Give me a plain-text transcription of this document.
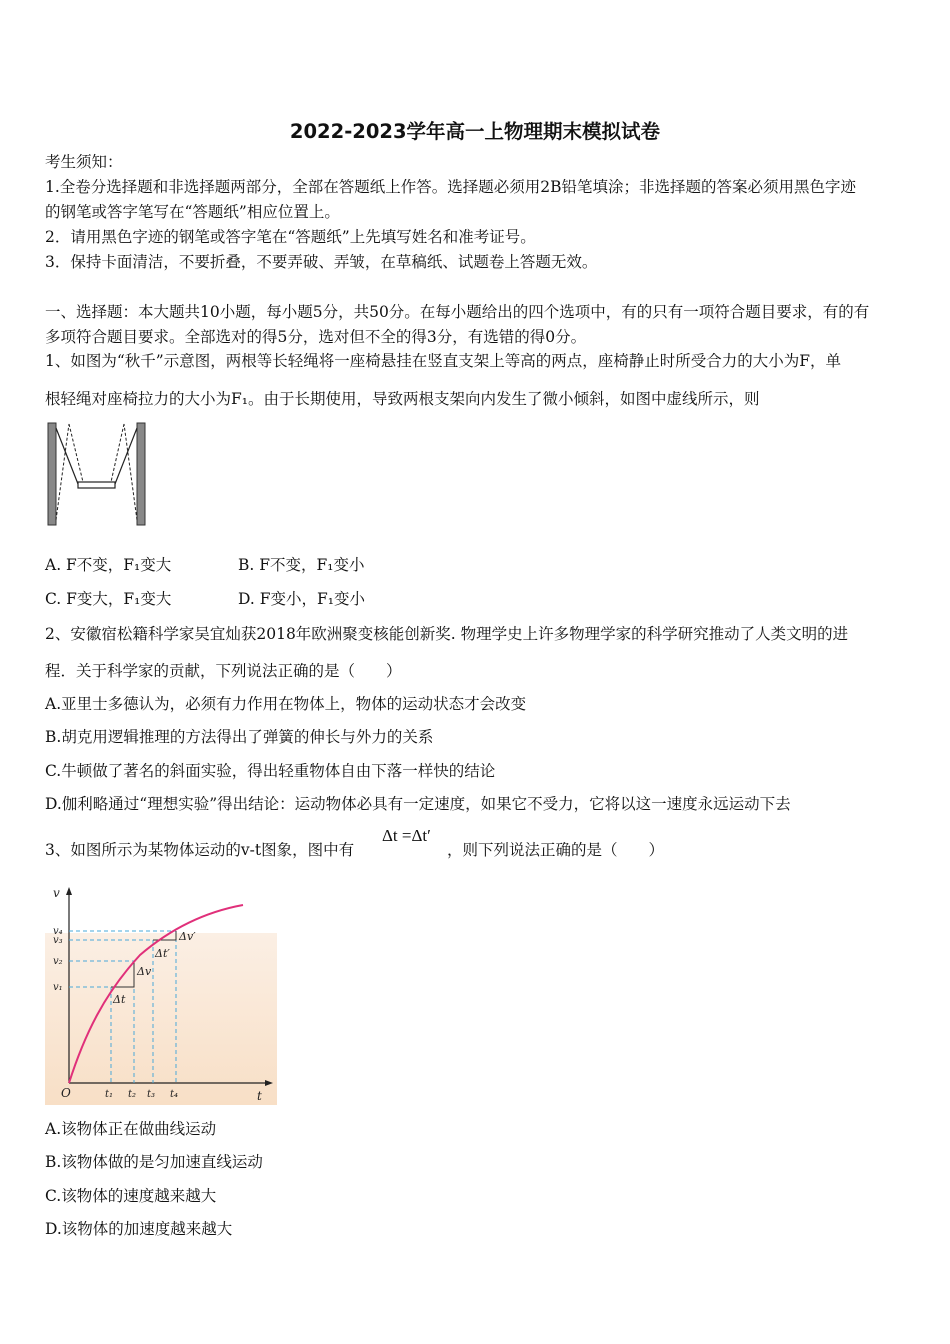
2022-2023学年高一上物理期末模拟试卷
考生须知：
1.全卷分选择题和非选择题两部分，全部在答题纸上作答。选择题必须用2B铅笔填涂；非选择题的答案必须用黑色字迹
的钢笔或答字笔写在“答题纸”相应位置上。
2．请用黑色字迹的钢笔或答字笔在“答题纸”上先填写姓名和准考证号。
3．保持卡面清洁，不要折叠，不要弄破、弄皱，在草稿纸、试题卷上答题无效。
一、选择题：本大题共10小题，每小题5分，共50分。在每小题给出的四个选项中，有的只有一项符合题目要求，有的有
多项符合题目要求。全部选对的得5分，选对但不全的得3分，有选错的得0分。
1、如图为“秋千”示意图，两根等长轻绳将一座椅悬挂在竖直支架上等高的两点，座椅静止时所受合力的大小为F，单
根轻绳对座椅拉力的大小为F₁。由于长期使用，导致两根支架向内发生了微小倾斜，如图中虚线所示，则
A. F不变，F₁变大	B. F不变，F₁变小
C. F变大，F₁变大	D. F变小，F₁变小
2、安徽宿松籍科学家吴宜灿获2018年欧洲聚变核能创新奖. 物理学史上许多物理学家的科学研究推动了人类文明的进
程．关于科学家的贡献，下列说法正确的是（　　）
A.亚里士多德认为，必须有力作用在物体上，物体的运动状态才会改变
B.胡克用逻辑推理的方法得出了弹簧的伸长与外力的关系
C.牛顿做了著名的斜面实验，得出轻重物体自由下落一样快的结论
D.伽利略通过“理想实验”得出结论：运动物体必具有一定速度，如果它不受力，它将以这一速度永远运动下去
3、如图所示为某物体运动的v-t图象，图中有
Δt =Δt′
，则下列说法正确的是（　　）
v
t
O
v₁
v₂
v₃
v₄
t₁ t₂ t₃ t₄
Δv
Δt
Δv′
Δt′
A.该物体正在做曲线运动
B.该物体做的是匀加速直线运动
C.该物体的速度越来越大
D.该物体的加速度越来越大
